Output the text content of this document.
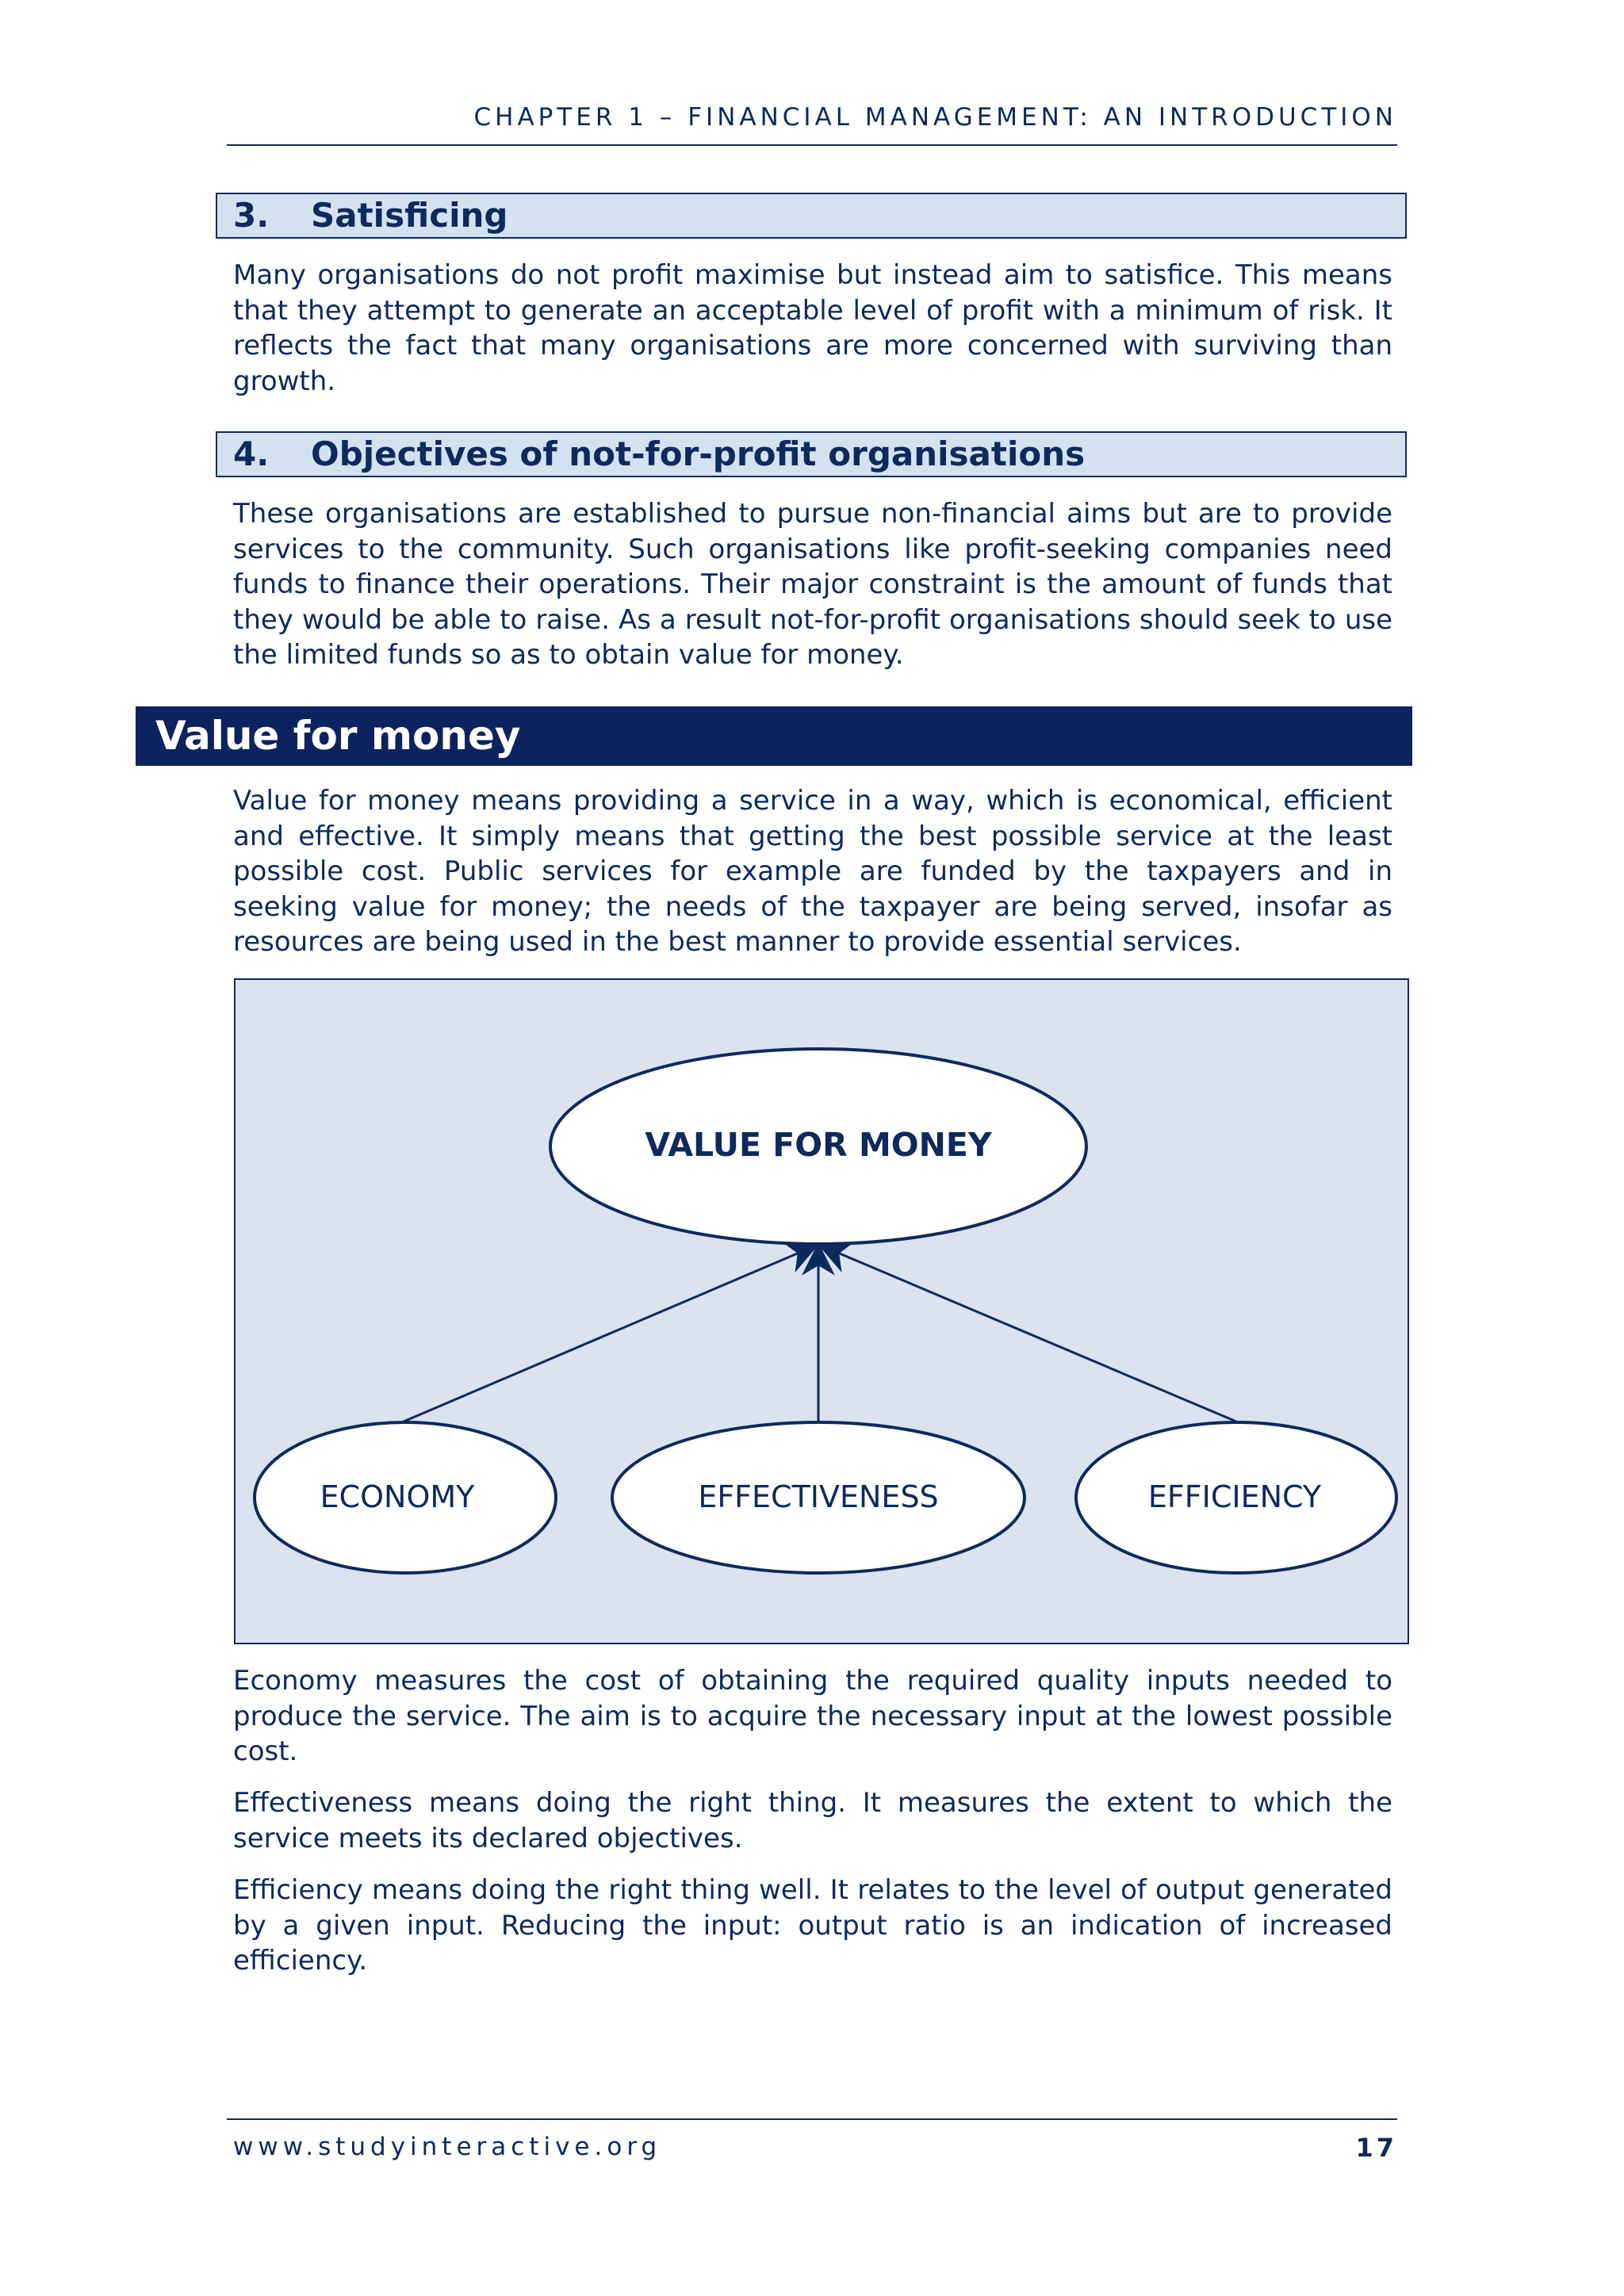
CHAPTER 1 – FINANCIAL MANAGEMENT: AN INTRODUCTION
3. Satisficing
Many organisations do not profit maximise but instead aim to satisfice. This means that they attempt to generate an acceptable level of profit with a minimum of risk. It reflects the fact that many organisations are more concerned with surviving than growth.
4. Objectives of not-for-profit organisations
These organisations are established to pursue non-financial aims but are to provide services to the community. Such organisations like profit-seeking companies need funds to finance their operations. Their major constraint is the amount of funds that they would be able to raise. As a result not-for-profit organisations should seek to use the limited funds so as to obtain value for money.
Value for money
Value for money means providing a service in a way, which is economical, efficient and effective. It simply means that getting the best possible service at the least possible cost. Public services for example are funded by the taxpayers and in seeking value for money; the needs of the taxpayer are being served, insofar as resources are being used in the best manner to provide essential services.
VALUE FOR MONEY
ECONOMY	EFFECTIVENESS	EFFICIENCY
Economy measures the cost of obtaining the required quality inputs needed to produce the service. The aim is to acquire the necessary input at the lowest possible cost.
Effectiveness means doing the right thing. It measures the extent to which the service meets its declared objectives.
Efficiency means doing the right thing well. It relates to the level of output generated by a given input. Reducing the input: output ratio is an indication of increased efficiency.
www.studyinteractive.org	17
